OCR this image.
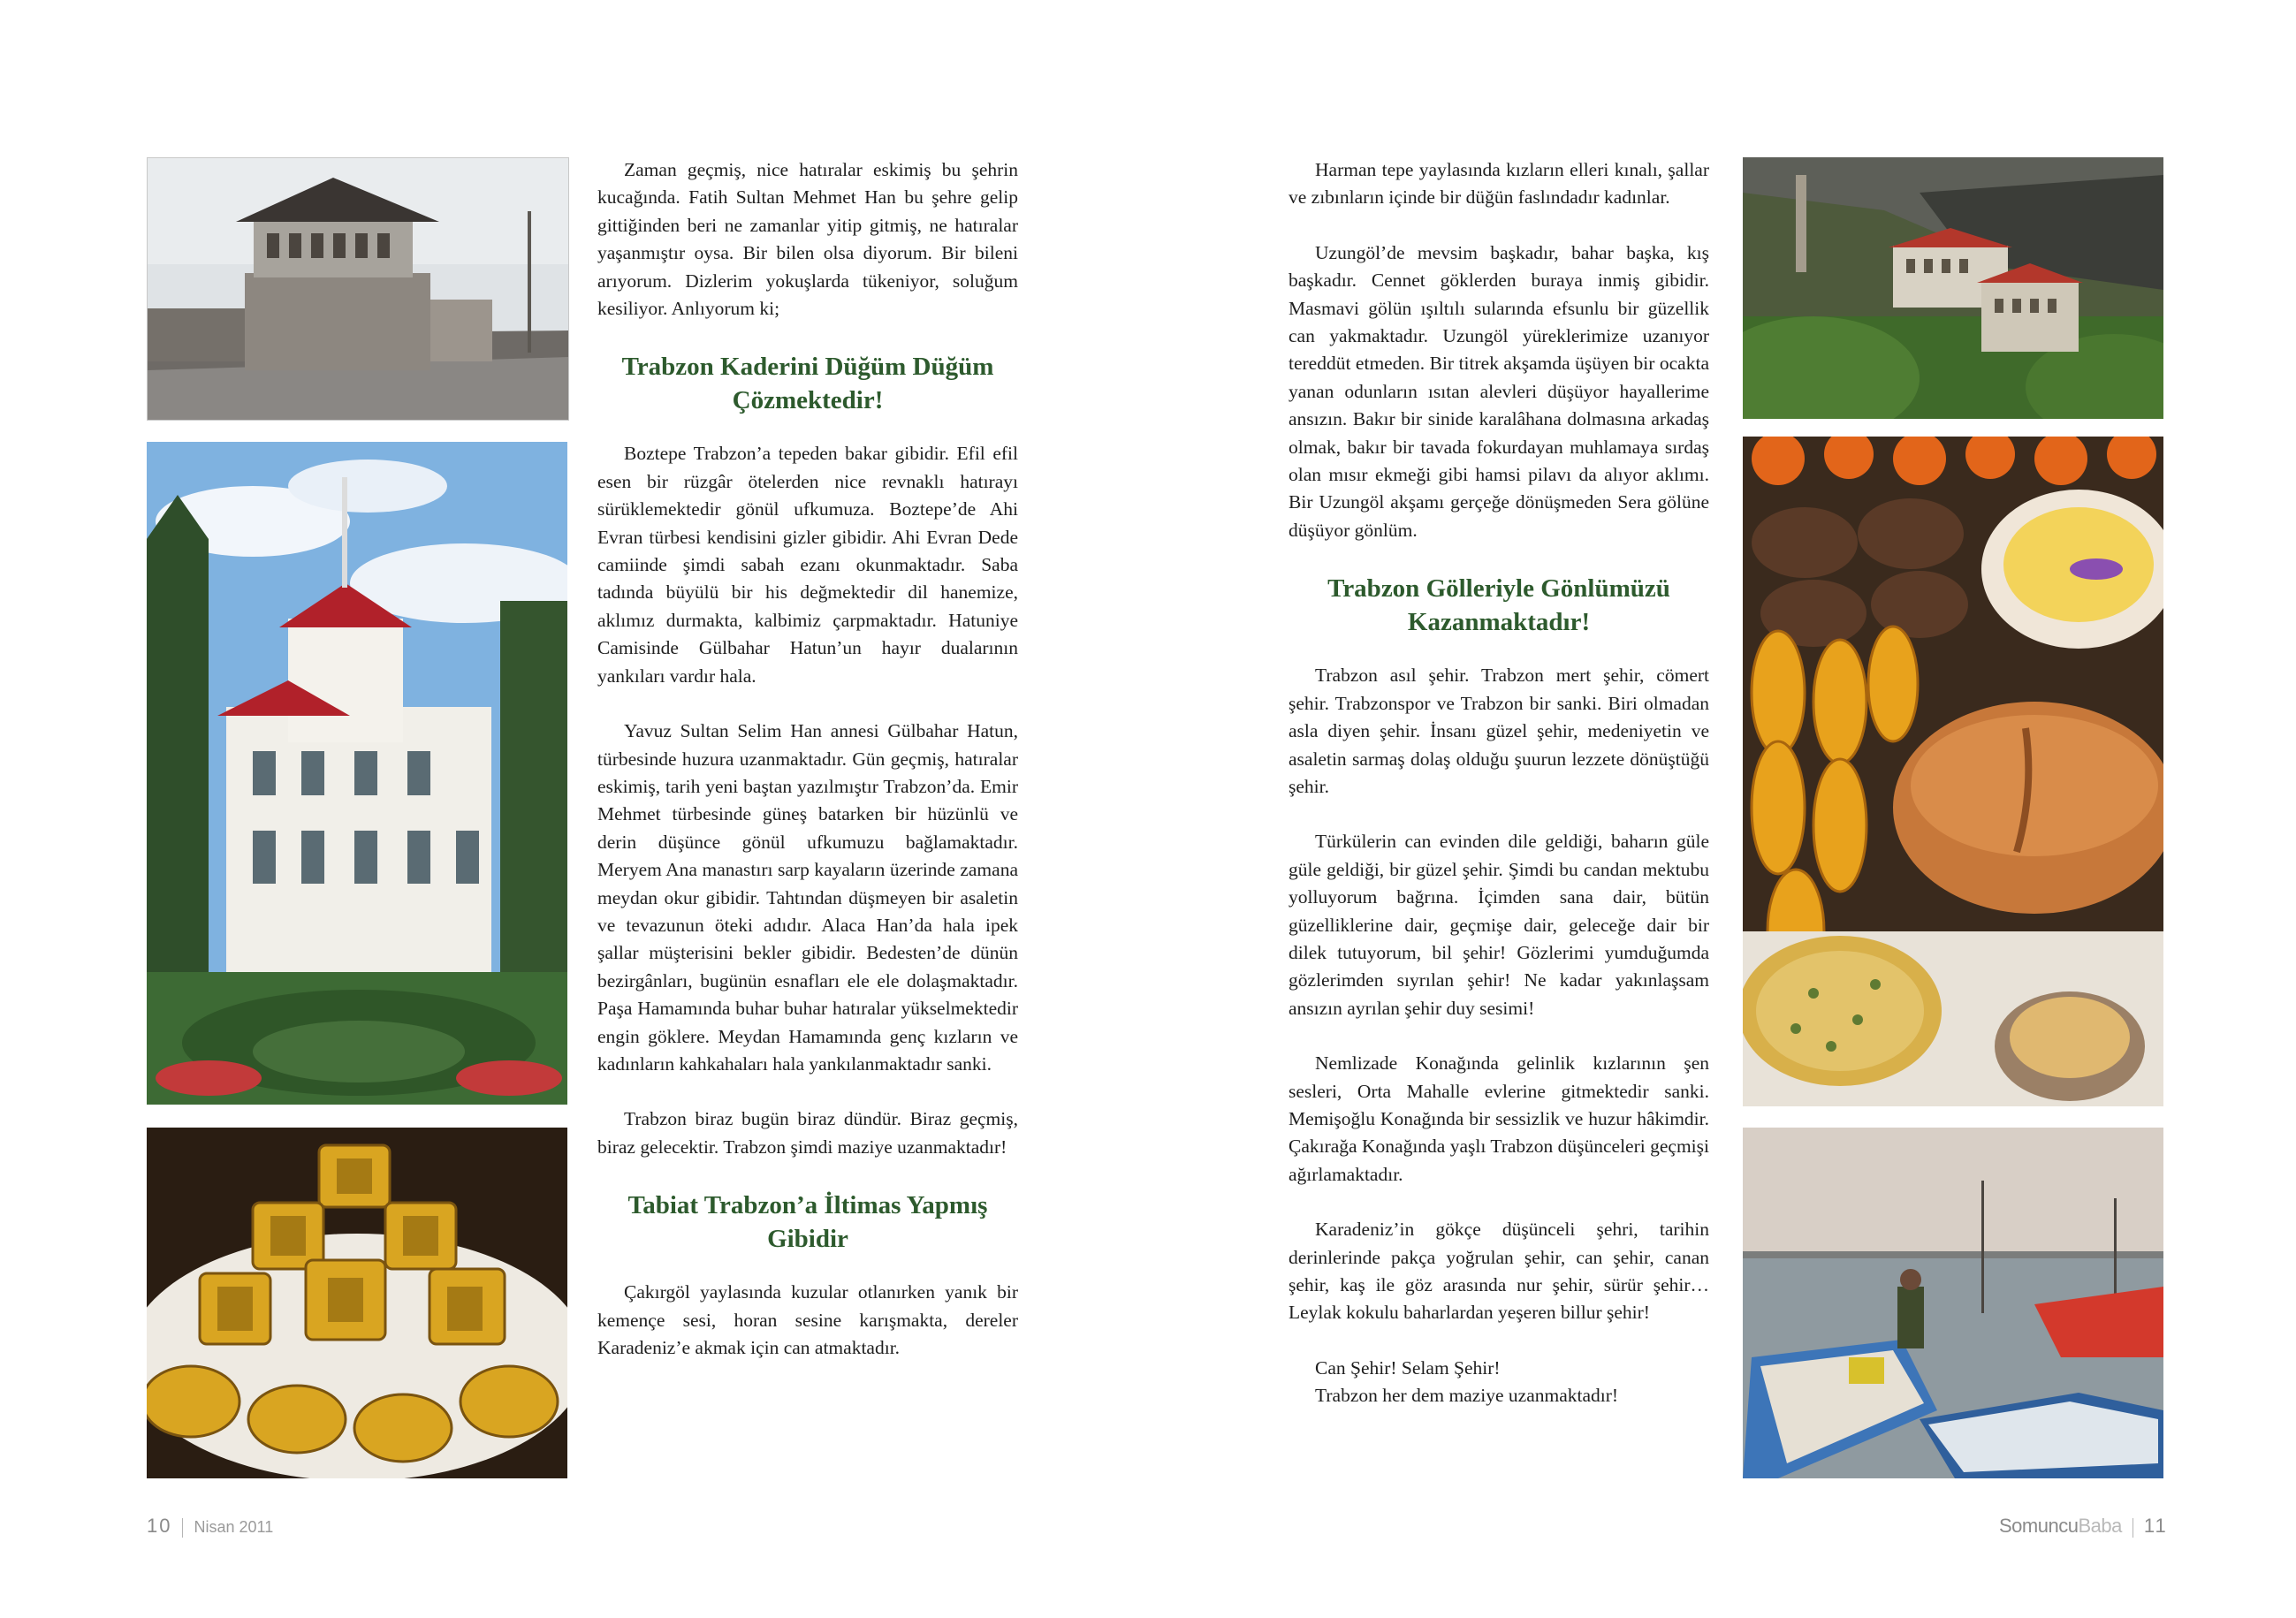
Zaman geçmiş, nice hatıralar eskimiş bu şehrin kucağında. Fatih Sultan Mehmet Han bu şehre gelip gittiğinden beri ne zamanlar yitip gitmiş, ne hatıralar yaşanmıştır oysa. Bir bilen olsa diyorum. Bir bileni arıyorum. Dizlerim yokuşlarda tükeniyor, soluğum kesiliyor. Anlıyorum ki;

Trabzon Kaderini Düğüm Düğüm Çözmektedir!

Boztepe Trabzon’a tepeden bakar gibidir. Efil efil esen bir rüzgâr ötelerden nice revnaklı hatırayı sürüklemektedir gönül ufkumuza. Boztepe’de Ahi Evran türbesi kendisini gizler gibidir. Ahi Evran Dede camiinde şimdi sabah ezanı okunmaktadır. Saba tadında büyülü bir his değmektedir dil hanemize, aklımız durmakta, kalbimiz çarpmaktadır. Hatuniye Camisinde Gülbahar Hatun’un hayır dualarının yankıları vardır hala.

Yavuz Sultan Selim Han annesi Gülbahar Hatun, türbesinde huzura uzanmaktadır. Gün geçmiş, hatıralar eskimiş, tarih yeni baştan yazılmıştır Trabzon’da. Emir Mehmet türbesinde güneş batarken bir hüzünlü ve derin düşünce gönül ufkumuzu bağlamaktadır. Meryem Ana manastırı sarp kayaların üzerinde zamana meydan okur gibidir. Tahtından düşmeyen bir asaletin ve tevazunun öteki adıdır. Alaca Han’da hala ipek şallar müşterisini bekler gibidir. Bedesten’de dünün bezirgânları, bugünün esnafları ele ele dolaşmaktadır. Paşa Hamamında buhar buhar hatıralar yükselmektedir engin göklere. Meydan Hamamında genç kızların ve kadınların kahkahaları hala yankılanmaktadır sanki.

Trabzon biraz bugün biraz dündür. Biraz geçmiş, biraz gelecektir. Trabzon şimdi maziye uzanmaktadır!

Tabiat Trabzon’a İltimas Yapmış Gibidir

Çakırgöl yaylasında kuzular otlanırken yanık bir kemençe sesi, horan sesine karışmakta, dereler Karadeniz’e akmak için can atmaktadır.

Harman tepe yaylasında kızların elleri kınalı, şallar ve zıbınların içinde bir düğün faslındadır kadınlar.

Uzungöl’de mevsim başkadır, bahar başka, kış başkadır. Cennet göklerden buraya inmiş gibidir. Masmavi gölün ışıltılı sularında efsunlu bir güzellik can yakmaktadır. Uzungöl yüreklerimize uzanıyor tereddüt etmeden. Bir titrek akşamda üşüyen bir ocakta yanan odunların ısıtan alevleri düşüyor hayallerime ansızın. Bakır bir sinide karalâhana dolmasına arkadaş olmak, bakır bir tavada fokurdayan muhlamaya sırdaş olan mısır ekmeği gibi hamsi pilavı da alıyor aklımı. Bir Uzungöl akşamı gerçeğe dönüşmeden Sera gölüne düşüyor gönlüm.

Trabzon Gölleriyle Gönlümüzü Kazanmaktadır!

Trabzon asıl şehir. Trabzon mert şehir, cömert şehir. Trabzonspor ve Trabzon bir sanki. Biri olmadan asla diyen şehir. İnsanı güzel şehir, medeniyetin ve asaletin sarmaş dolaş olduğu şuurun lezzete dönüştüğü şehir.

Türkülerin can evinden dile geldiği, baharın güle güle geldiği, bir güzel şehir. Şimdi bu candan mektubu yolluyorum bağrına. İçimden sana dair, bütün güzelliklerine dair, geçmişe dair, geleceğe dair bir dilek tutuyorum, bil şehir! Gözlerimi yumduğumda gözlerimden sıyrılan şehir! Ne kadar yakınlaşsam ansızın ayrılan şehir duy sesimi!

Nemlizade Konağında gelinlik kızlarının şen sesleri, Orta Mahalle evlerine gitmektedir sanki. Memişoğlu Konağında bir sessizlik ve huzur hâkimdir. Çakırağa Konağında yaşlı Trabzon düşünceleri geçmişi ağırlamaktadır.

Karadeniz’in gökçe düşünceli şehri, tarihin derinlerinde pakça yoğrulan şehir, can şehir, canan şehir, kaş ile göz arasında nur şehir, sürür şehir… Leylak kokulu baharlardan yeşeren billur şehir!

Can Şehir! Selam Şehir!

Trabzon her dem maziye uzanmaktadır!

10 Nisan 2011	SomuncuBaba 11
